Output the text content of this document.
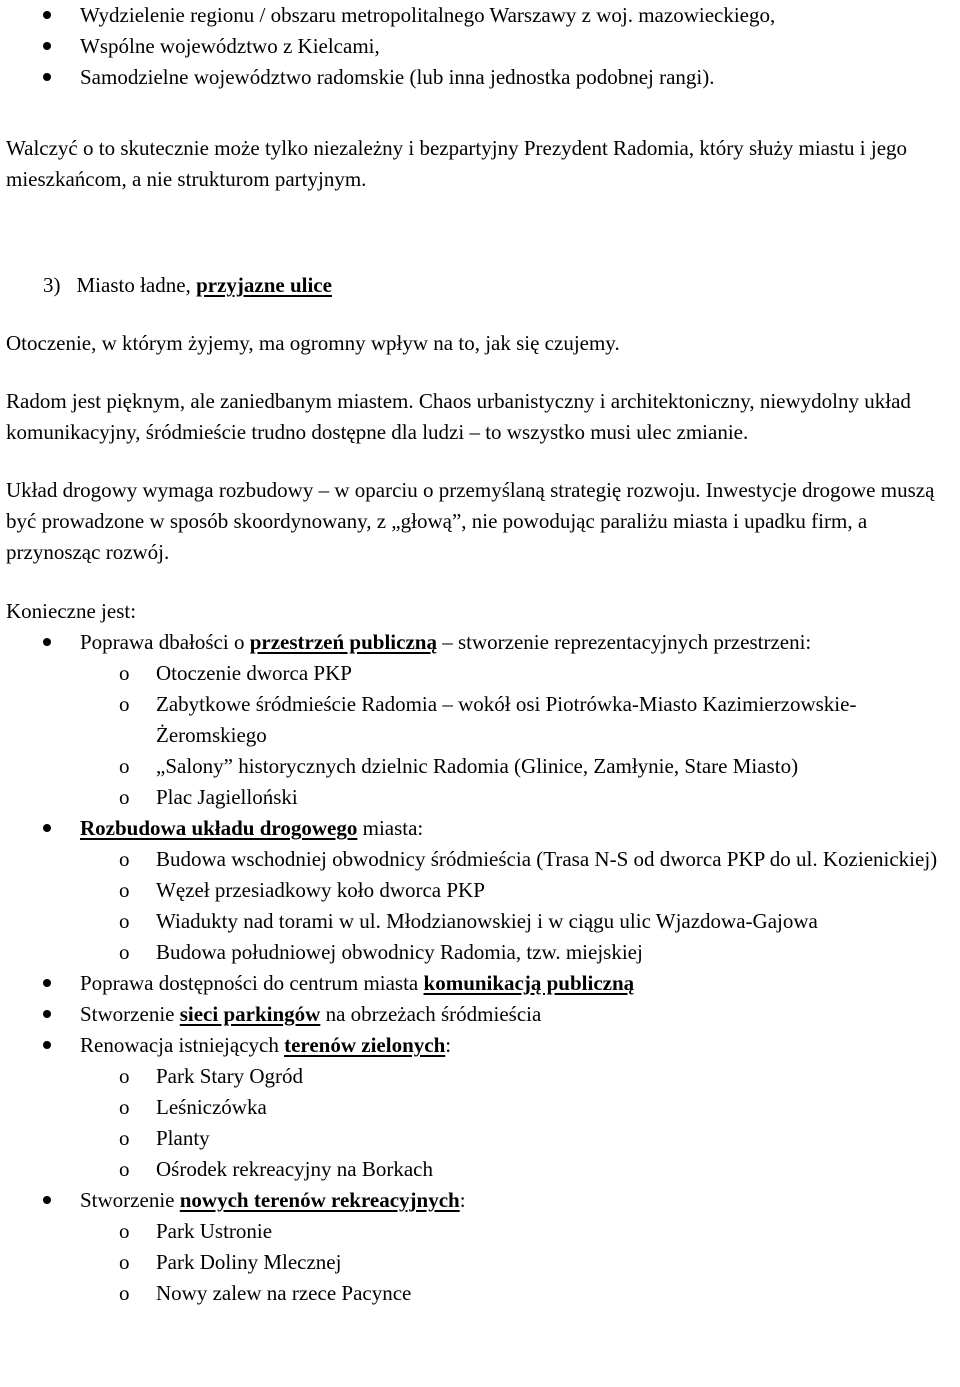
Wydzielenie regionu / obszaru metropolitalnego Warszawy z woj. mazowieckiego,
Wspólne województwo z Kielcami,
Samodzielne województwo radomskie (lub inna jednostka podobnej rangi).

Walczyć o to skutecznie może tylko niezależny i bezpartyjny Prezydent Radomia, który służy miastu i jego mieszkańcom, a nie strukturom partyjnym.

3) Miasto ładne, przyjazne ulice

Otoczenie, w którym żyjemy, ma ogromny wpływ na to, jak się czujemy.

Radom jest pięknym, ale zaniedbanym miastem. Chaos urbanistyczny i architektoniczny, niewydolny układ komunikacyjny, śródmieście trudno dostępne dla ludzi – to wszystko musi ulec zmianie.

Układ drogowy wymaga rozbudowy – w oparciu o przemyślaną strategię rozwoju. Inwestycje drogowe muszą być prowadzone w sposób skoordynowany, z „głową”, nie powodując paraliżu miasta i upadku firm, a przynosząc rozwój.

Konieczne jest:

Poprawa dbałości o przestrzeń publiczną – stworzenie reprezentacyjnych przestrzeni:
o Otoczenie dworca PKP
o Zabytkowe śródmieście Radomia – wokół osi Piotrówka-Miasto Kazimierzowskie-Żeromskiego
o „Salony” historycznych dzielnic Radomia (Glinice, Zamłynie, Stare Miasto)
o Plac Jagielloński
Rozbudowa układu drogowego miasta:
o Budowa wschodniej obwodnicy śródmieścia (Trasa N-S od dworca PKP do ul. Kozienickiej)
o Węzeł przesiadkowy koło dworca PKP
o Wiadukty nad torami w ul. Młodzianowskiej i w ciągu ulic Wjazdowa-Gajowa
o Budowa południowej obwodnicy Radomia, tzw. miejskiej
Poprawa dostępności do centrum miasta komunikacją publiczną
Stworzenie sieci parkingów na obrzeżach śródmieścia
Renowacja istniejących terenów zielonych:
o Park Stary Ogród
o Leśniczówka
o Planty
o Ośrodek rekreacyjny na Borkach
Stworzenie nowych terenów rekreacyjnych:
o Park Ustronie
o Park Doliny Mlecznej
o Nowy zalew na rzece Pacynce
